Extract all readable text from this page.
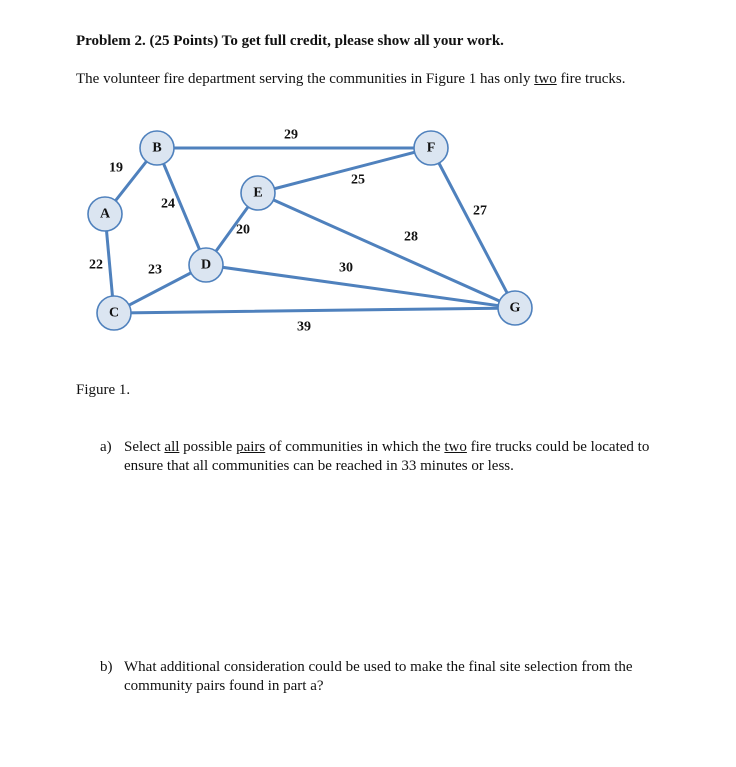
Problem 2. (25 Points) To get full credit, please show all your work.

The volunteer fire department serving the communities in Figure 1 has only two fire trucks.

A
B
C
D
E
F
G
19
22
24
29
23
39
20
30
25
28
27

Figure 1.

a) Select all possible pairs of communities in which the two fire trucks could be located to ensure that all communities can be reached in 33 minutes or less.
b) What additional consideration could be used to make the final site selection from the community pairs found in part a?
